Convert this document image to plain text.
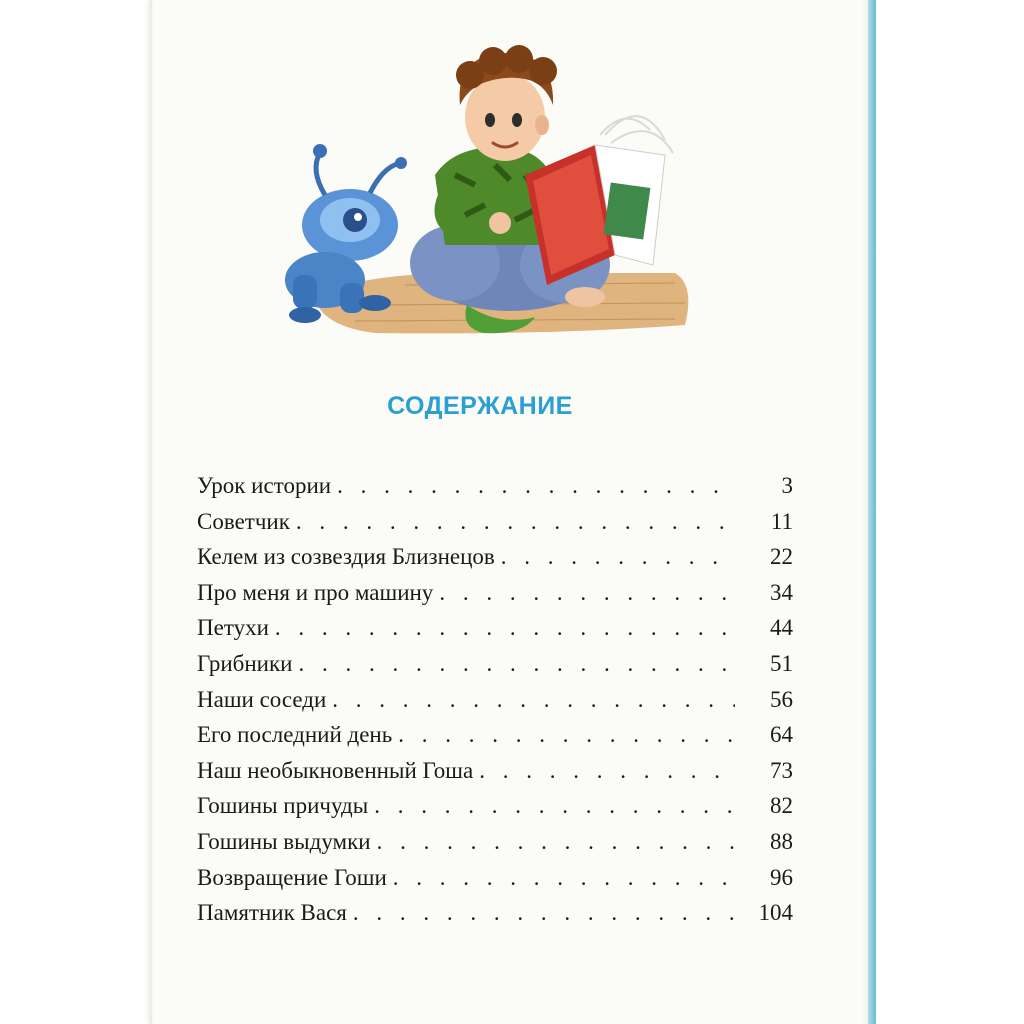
СОДЕРЖАНИЕ
Урок истории . . .	3
Советчик . . .	11
Келем из созвездия Близнецов . . .	22
Про меня и про машину . . .	34
Петухи . . .	44
Грибники . . .	51
Наши соседи . . .	56
Его последний день . . .	64
Наш необыкновенный Гоша . . .	73
Гошины причуды . . .	82
Гошины выдумки . . .	88
Возвращение Гоши . . .	96
Памятник Вася . . .	104
